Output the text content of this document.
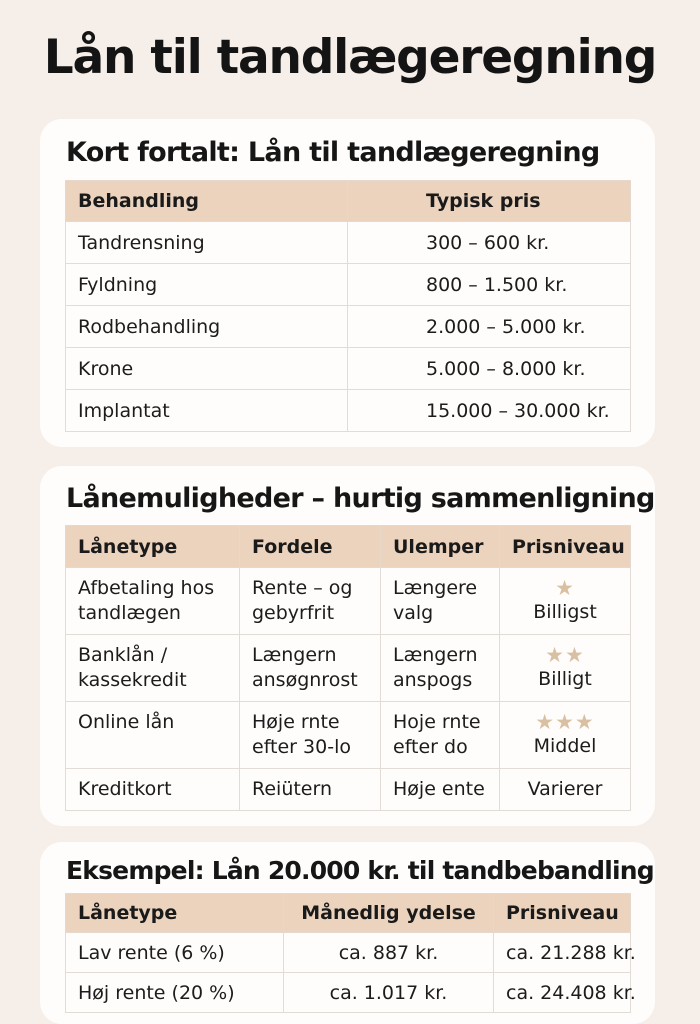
Lån til tandlægeregning
Kort fortalt: Lån til tandlægeregning
Behandling	Typisk pris
Tandrensning	300 – 600 kr.
Fyldning	800 – 1.500 kr.
Rodbehandling	2.000 – 5.000 kr.
Krone	5.000 – 8.000 kr.
Implantat	15.000 – 30.000 kr.
Lånemuligheder – hurtig sammenligning
Lånetype	Fordele	Ulemper	Prisniveau
Afbetaling hos tandlægen	Rente – og gebyrfrit	Længere valg	★
Billigst

Banklån / kassekredit	Længern ansøgnrost	Længern anspogs	★★
Billigt

Online lån	Høje rnte efter 30-lo	Hoje rnte efter do	★★★
Middel

Kreditkort	Reiütern	Høje ente	Varierer
Eksempel: Lån 20.000 kr. til tandbebandling
Lånetype	Månedlig ydelse	Prisniveau
Lav rente (6 %)	ca. 887 kr.	ca. 21.288 kr.
Høj rente (20 %)	ca. 1.017 kr.	ca. 24.408 kr.
